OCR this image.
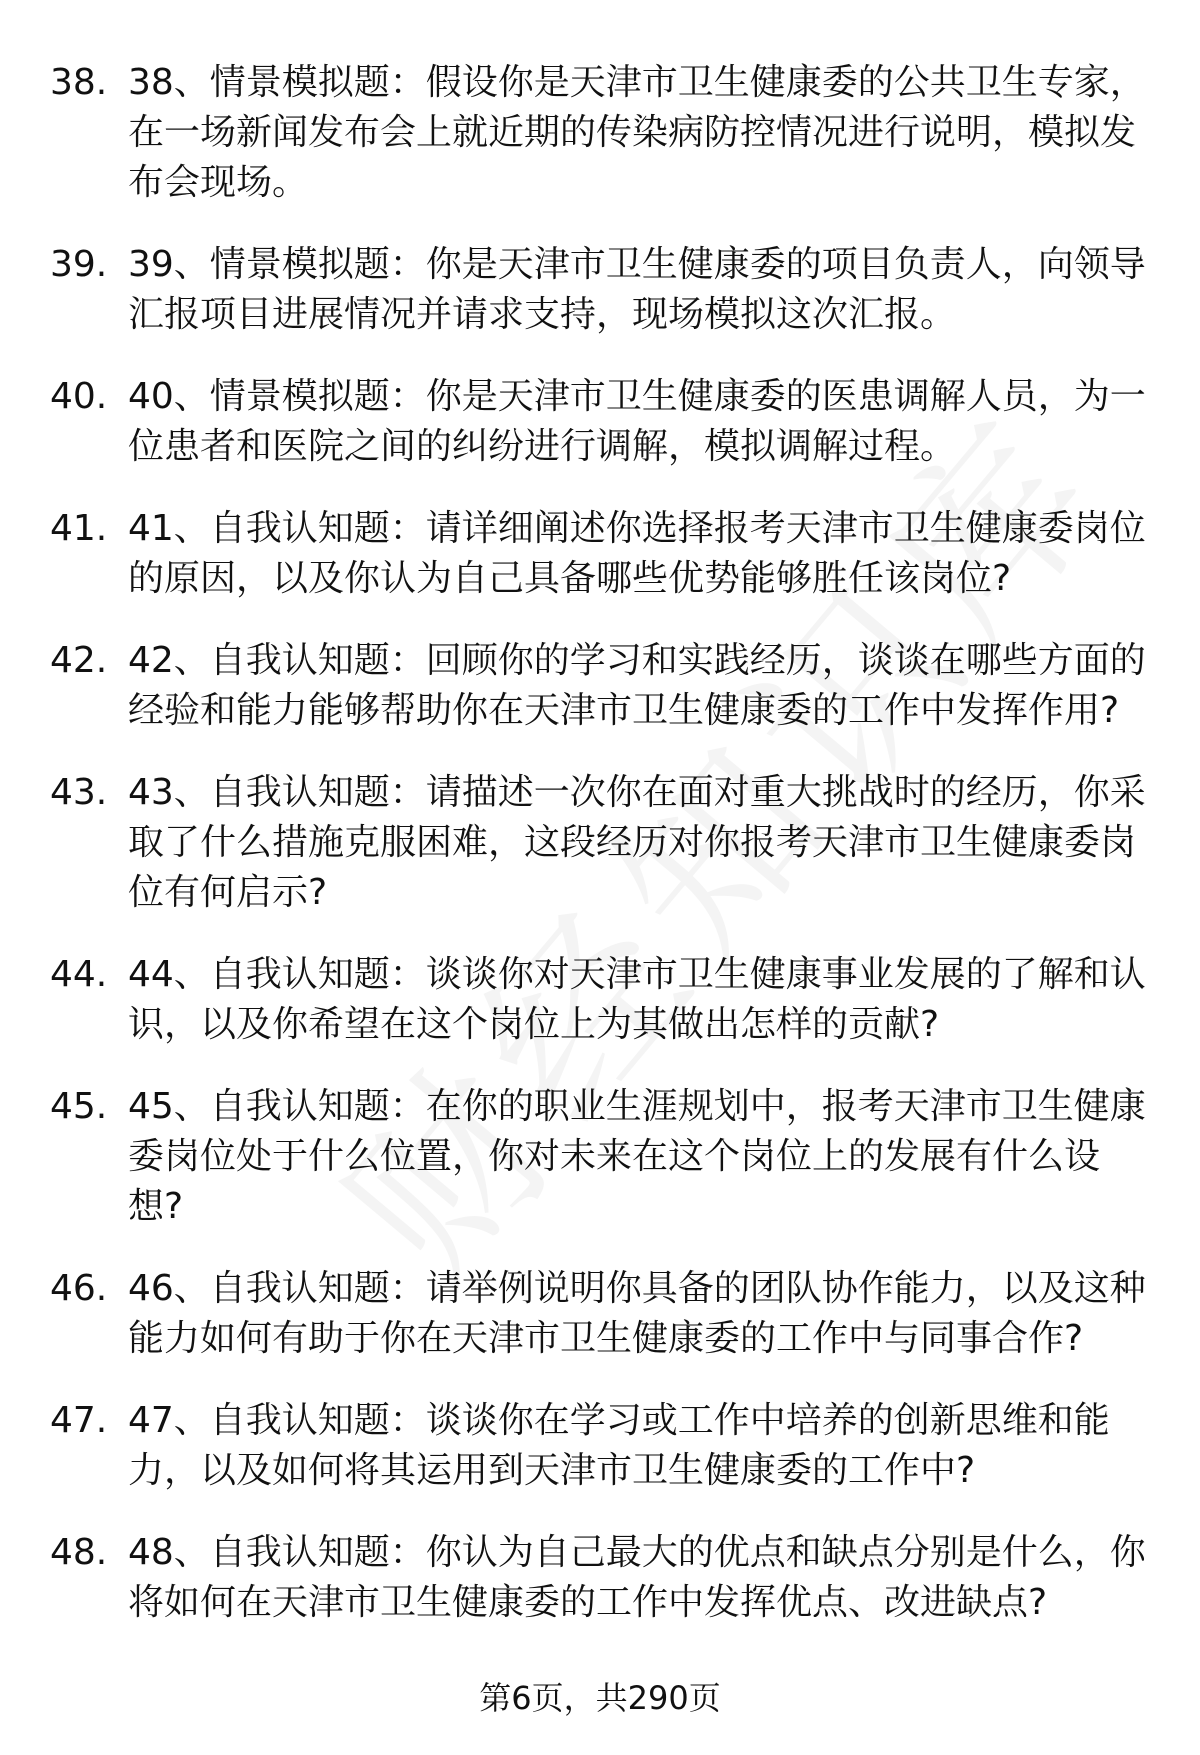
38. 38、情景模拟题：假设你是天津市卫生健康委的公共卫生专家，在一场新闻发布会上就近期的传染病防控情况进行说明，模拟发布会现场。
39. 39、情景模拟题：你是天津市卫生健康委的项目负责人，向领导汇报项目进展情况并请求支持，现场模拟这次汇报。
40. 40、情景模拟题：你是天津市卫生健康委的医患调解人员，为一位患者和医院之间的纠纷进行调解，模拟调解过程。
41. 41、自我认知题：请详细阐述你选择报考天津市卫生健康委岗位的原因，以及你认为自己具备哪些优势能够胜任该岗位?
42. 42、自我认知题：回顾你的学习和实践经历，谈谈在哪些方面的经验和能力能够帮助你在天津市卫生健康委的工作中发挥作用?
43. 43、自我认知题：请描述一次你在面对重大挑战时的经历，你采取了什么措施克服困难，这段经历对你报考天津市卫生健康委岗位有何启示?
44. 44、自我认知题：谈谈你对天津市卫生健康事业发展的了解和认识，以及你希望在这个岗位上为其做出怎样的贡献?
45. 45、自我认知题：在你的职业生涯规划中，报考天津市卫生健康委岗位处于什么位置，你对未来在这个岗位上的发展有什么设想?
46. 46、自我认知题：请举例说明你具备的团队协作能力，以及这种能力如何有助于你在天津市卫生健康委的工作中与同事合作?
47. 47、自我认知题：谈谈你在学习或工作中培养的创新思维和能力，以及如何将其运用到天津市卫生健康委的工作中?
48. 48、自我认知题：你认为自己最大的优点和缺点分别是什么，你将如何在天津市卫生健康委的工作中发挥优点、改进缺点?
第6页，共290页
